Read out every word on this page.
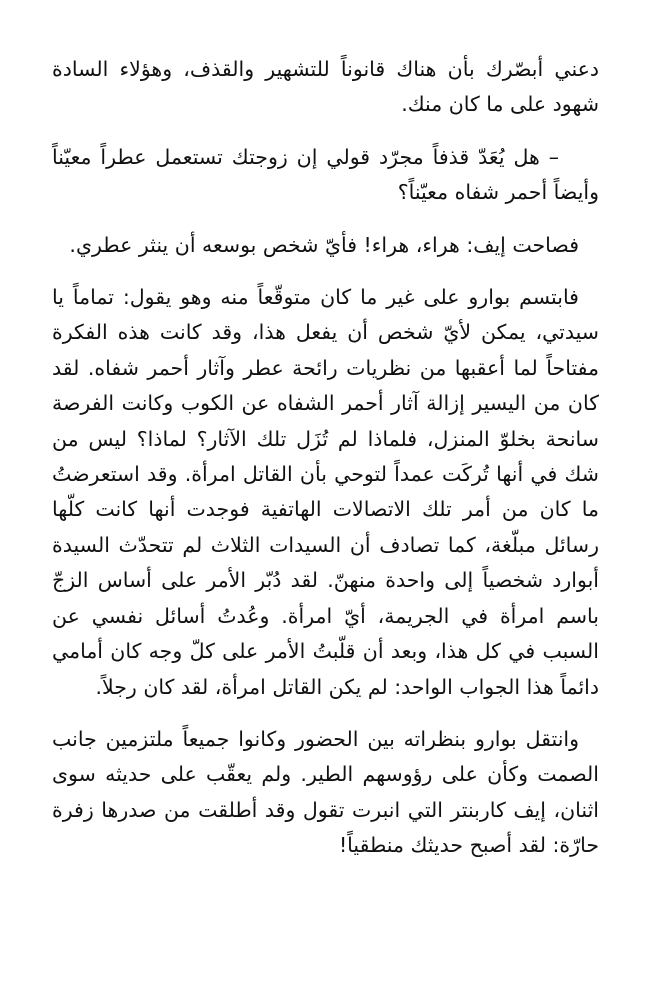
دعني أبصّرك بأن هناك قانوناً للتشهير والقذف، وهؤلاء السادة شهود على ما كان منك.

– هل يُعَدّ قذفاً مجرّد قولي إن زوجتك تستعمل عطراً معيّناً وأيضاً أحمر شفاه معيّناً؟

فصاحت إيف: هراء، هراء! فأيّ شخص بوسعه أن ينثر عطري.

فابتسم بوارو على غير ما كان متوقّعاً منه وهو يقول: تماماً يا سيدتي، يمكن لأيّ شخص أن يفعل هذا، وقد كانت هذه الفكرة مفتاحاً لما أعقبها من نظريات رائحة عطر وآثار أحمر شفاه. لقد كان من اليسير إزالة آثار أحمر الشفاه عن الكوب وكانت الفرصة سانحة بخلوّ المنزل، فلماذا لم تُزَل تلك الآثار؟ لماذا؟ ليس من شك في أنها تُركَت عمداً لتوحي بأن القاتل امرأة. وقد استعرضتُ ما كان من أمر تلك الاتصالات الهاتفية فوجدت أنها كانت كلّها رسائل مبلّغة، كما تصادف أن السيدات الثلاث لم تتحدّث السيدة أبوارد شخصياً إلى واحدة منهنّ. لقد دُبّر الأمر على أساس الزجّ باسم امرأة في الجريمة، أيّ امرأة. وعُدتُ أسائل نفسي عن السبب في كل هذا، وبعد أن قلّبتُ الأمر على كلّ وجه كان أمامي دائماً هذا الجواب الواحد: لم يكن القاتل امرأة، لقد كان رجلاً.

وانتقل بوارو بنظراته بين الحضور وكانوا جميعاً ملتزمين جانب الصمت وكأن على رؤوسهم الطير. ولم يعقّب على حديثه سوى اثنان، إيف كاربنتر التي انبرت تقول وقد أطلقت من صدرها زفرة حارّة: لقد أصبح حديثك منطقياً!
